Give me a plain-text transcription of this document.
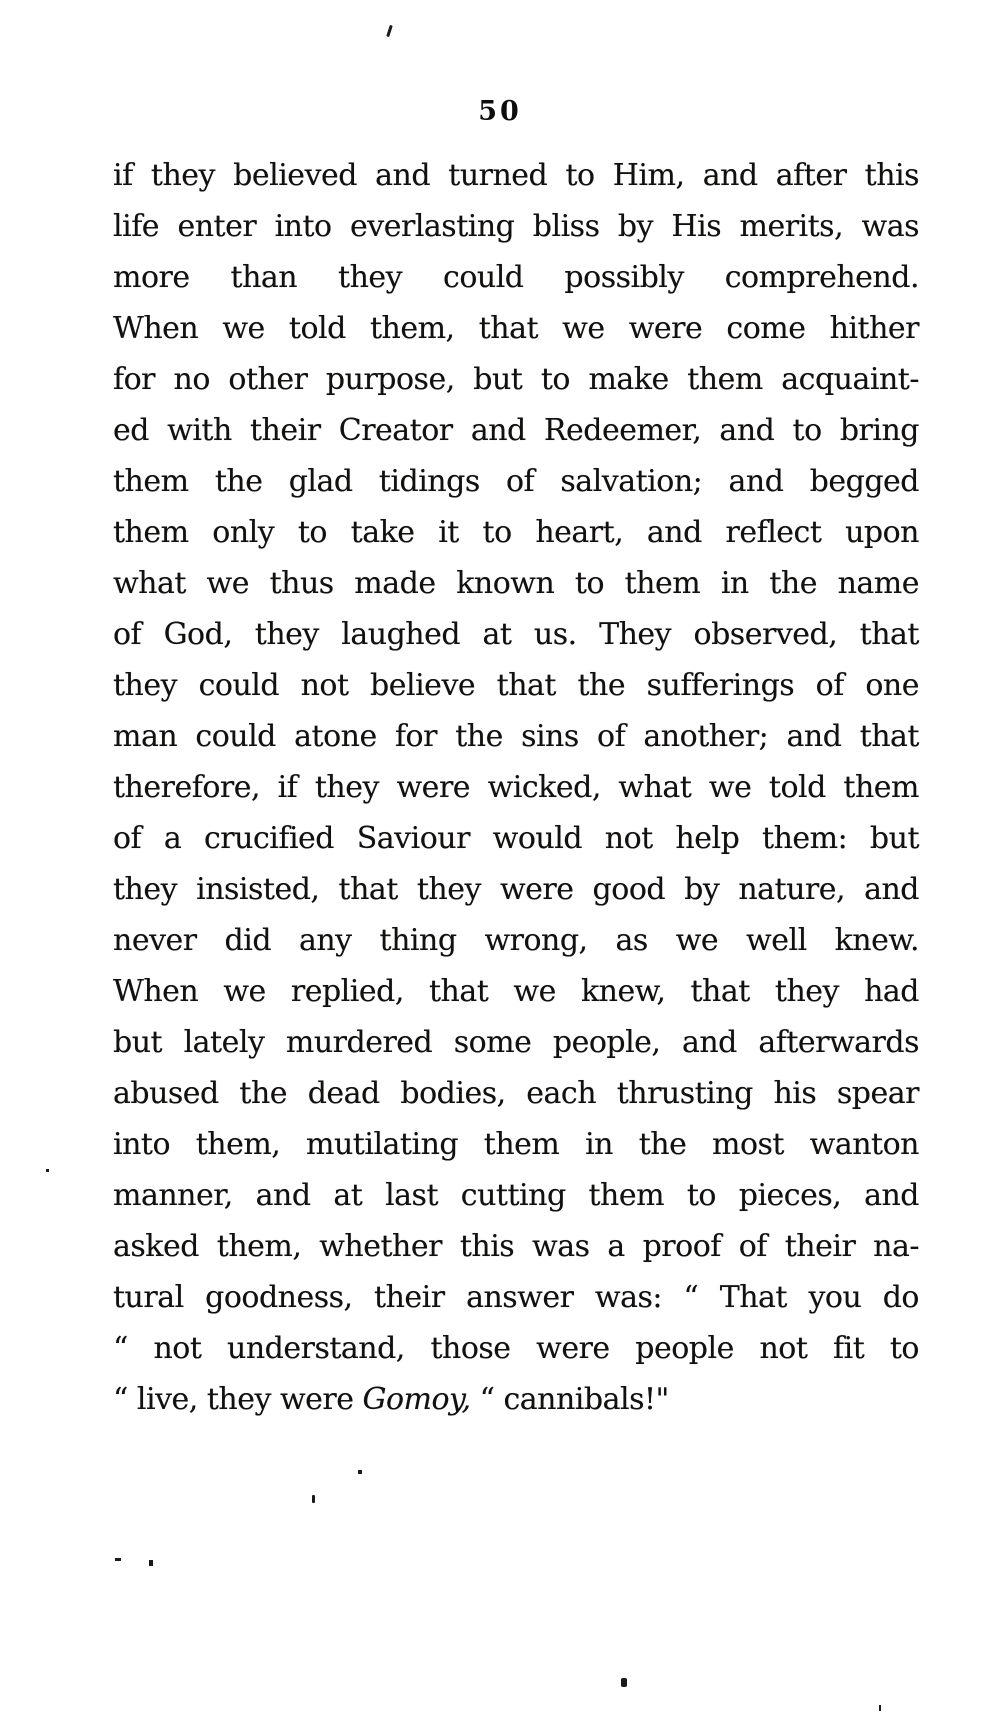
50
if they believed and turned to Him, and after this
life enter into everlasting bliss by His merits, was
more than they could possibly comprehend.
When we told them, that we were come hither
for no other purpose, but to make them acquaint-
ed with their Creator and Redeemer, and to bring
them the glad tidings of salvation; and begged
them only to take it to heart, and reflect upon
what we thus made known to them in the name
of God, they laughed at us. They observed, that
they could not believe that the sufferings of one
man could atone for the sins of another; and that
therefore, if they were wicked, what we told them
of a crucified Saviour would not help them: but
they insisted, that they were good by nature, and
never did any thing wrong, as we well knew.
When we replied, that we knew, that they had
but lately murdered some people, and afterwards
abused the dead bodies, each thrusting his spear
into them, mutilating them in the most wanton
manner, and at last cutting them to pieces, and
asked them, whether this was a proof of their na-
tural goodness, their answer was: “ That you do
“ not understand, those were people not fit to
“ live, they were Gomoy, “ cannibals!"
